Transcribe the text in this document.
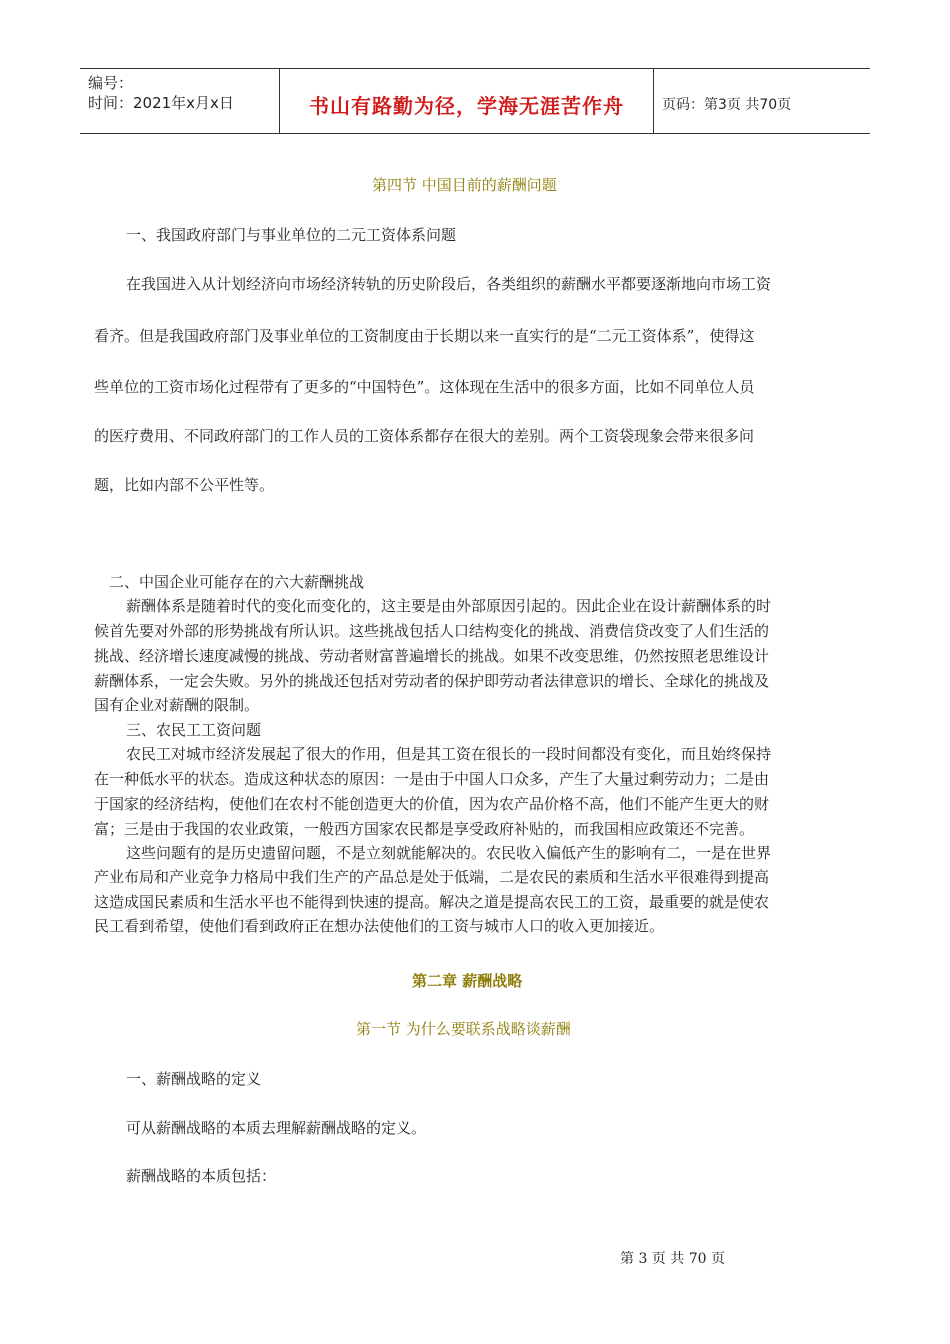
编号：
时间：2021年x月x日	书山有路勤为径，学海无涯苦作舟	页码：第3页 共70页
第四节 中国目前的薪酬问题
一、我国政府部门与事业单位的二元工资体系问题
在我国进入从计划经济向市场经济转轨的历史阶段后，各类组织的薪酬水平都要逐渐地向市场工资
看齐。但是我国政府部门及事业单位的工资制度由于长期以来一直实行的是“二元工资体系”，使得这
些单位的工资市场化过程带有了更多的“中国特色”。这体现在生活中的很多方面，比如不同单位人员
的医疗费用、不同政府部门的工作人员的工资体系都存在很大的差别。两个工资袋现象会带来很多问
题，比如内部不公平性等。
二、中国企业可能存在的六大薪酬挑战
薪酬体系是随着时代的变化而变化的，这主要是由外部原因引起的。因此企业在设计薪酬体系的时
候首先要对外部的形势挑战有所认识。这些挑战包括人口结构变化的挑战、消费信贷改变了人们生活的
挑战、经济增长速度减慢的挑战、劳动者财富普遍增长的挑战。如果不改变思维，仍然按照老思维设计
薪酬体系，一定会失败。另外的挑战还包括对劳动者的保护即劳动者法律意识的增长、全球化的挑战及
国有企业对薪酬的限制。
三、农民工工资问题
农民工对城市经济发展起了很大的作用，但是其工资在很长的一段时间都没有变化，而且始终保持
在一种低水平的状态。造成这种状态的原因：一是由于中国人口众多，产生了大量过剩劳动力；二是由
于国家的经济结构，使他们在农村不能创造更大的价值，因为农产品价格不高，他们不能产生更大的财
富；三是由于我国的农业政策，一般西方国家农民都是享受政府补贴的，而我国相应政策还不完善。
这些问题有的是历史遗留问题，不是立刻就能解决的。农民收入偏低产生的影响有二，一是在世界
产业布局和产业竞争力格局中我们生产的产品总是处于低端，二是农民的素质和生活水平很难得到提高
这造成国民素质和生活水平也不能得到快速的提高。解决之道是提高农民工的工资，最重要的就是使农
民工看到希望，使他们看到政府正在想办法使他们的工资与城市人口的收入更加接近。
第二章 薪酬战略
第一节 为什么要联系战略谈薪酬
一、薪酬战略的定义
可从薪酬战略的本质去理解薪酬战略的定义。
薪酬战略的本质包括：
第 3 页 共 70 页
